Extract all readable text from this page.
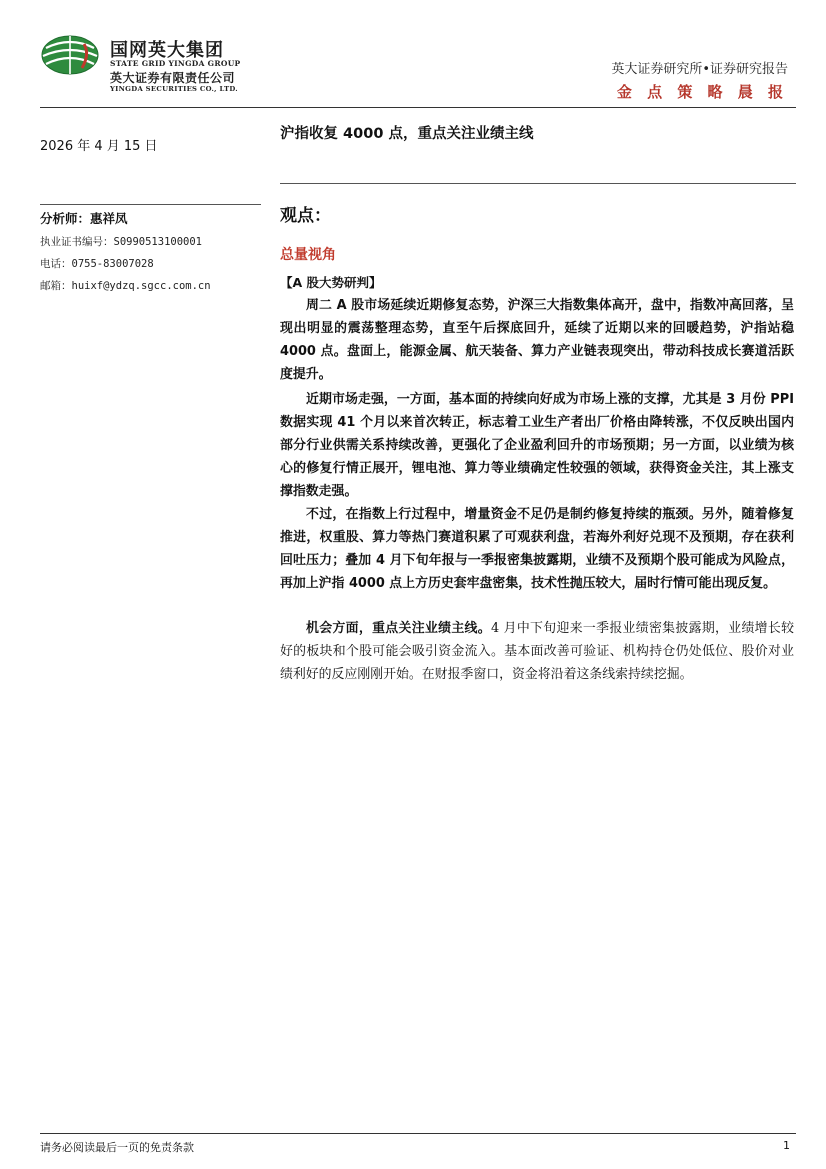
国网英大集团
STATE GRID YINGDA GROUP
英大证券有限责任公司
YINGDA SECURITIES CO., LTD.
英大证券研究所•证券研究报告
金 点 策 略 晨 报
2026 年 4 月 15 日
沪指收复 4000 点，重点关注业绩主线
分析师：惠祥凤
执业证书编号：S0990513100001
电话：0755-83007028
邮箱：huixf@ydzq.sgcc.com.cn
观点：
总量视角
【A 股大势研判】

周二 A 股市场延续近期修复态势，沪深三大指数集体高开，盘中，指数冲高回落，呈现出明显的震荡整理态势，直至午后探底回升，延续了近期以来的回暖趋势，沪指站稳 4000 点。盘面上，能源金属、航天装备、算力产业链表现突出，带动科技成长赛道活跃度提升。

近期市场走强，一方面，基本面的持续向好成为市场上涨的支撑，尤其是 3 月份 PPI 数据实现 41 个月以来首次转正，标志着工业生产者出厂价格由降转涨，不仅反映出国内部分行业供需关系持续改善，更强化了企业盈利回升的市场预期；另一方面，以业绩为核心的修复行情正展开，锂电池、算力等业绩确定性较强的领域，获得资金关注，其上涨支撑指数走强。

不过，在指数上行过程中，增量资金不足仍是制约修复持续的瓶颈。另外，随着修复推进，权重股、算力等热门赛道积累了可观获利盘，若海外利好兑现不及预期，存在获利回吐压力；叠加 4 月下旬年报与一季报密集披露期，业绩不及预期个股可能成为风险点，再加上沪指 4000 点上方历史套牢盘密集，技术性抛压较大，届时行情可能出现反复。

机会方面，重点关注业绩主线。4 月中下旬迎来一季报业绩密集披露期，业绩增长较好的板块和个股可能会吸引资金流入。基本面改善可验证、机构持仓仍处低位、股价对业绩利好的反应刚刚开始。在财报季窗口，资金将沿着这条线索持续挖掘。

请务必阅读最后一页的免责条款	1
